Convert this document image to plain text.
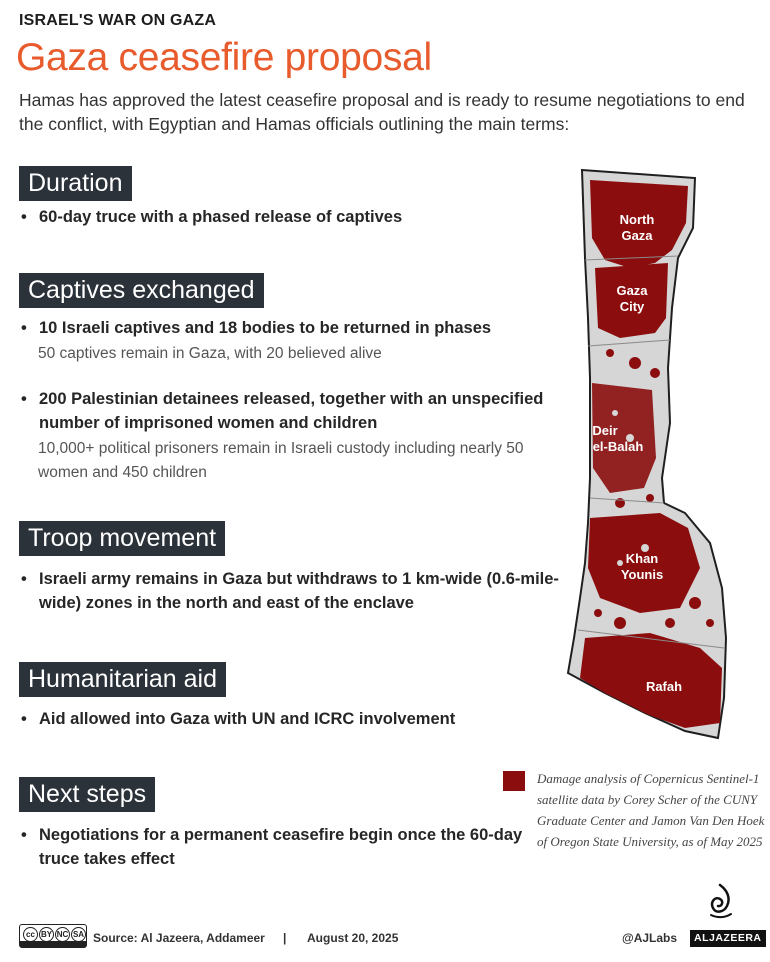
ISRAEL'S WAR ON GAZA
Gaza ceasefire proposal
Hamas has approved the latest ceasefire proposal and is ready to resume negotiations to end the conflict, with Egyptian and Hamas officials outlining the main terms:
Duration
• 60-day truce with a phased release of captives
Captives exchanged
• 10 Israeli captives and 18 bodies to be returned in phases
50 captives remain in Gaza, with 20 believed alive
• 200 Palestinian detainees released, together with an unspecified number of imprisoned women and children
10,000+ political prisoners remain in Israeli custody including nearly 50 women and 450 children
Troop movement
• Israeli army remains in Gaza but withdraws to 1 km-wide (0.6-mile-wide) zones in the north and east of the enclave
Humanitarian aid
• Aid allowed into Gaza with UN and ICRC involvement
Next steps
• Negotiations for a permanent ceasefire begin once the 60-day truce takes effect
North
Gaza
Gaza
City
Deir
el-Balah
Khan
Younis
Rafah
Damage analysis of Copernicus Sentinel-1 satellite data by Corey Scher of the CUNY Graduate Center and Jamon Van Den Hoek of Oregon State University, as of May 2025
cc BY NC SA Source: Al Jazeera, Addameer | August 20, 2025	@AJLabs	ALJAZEERA
